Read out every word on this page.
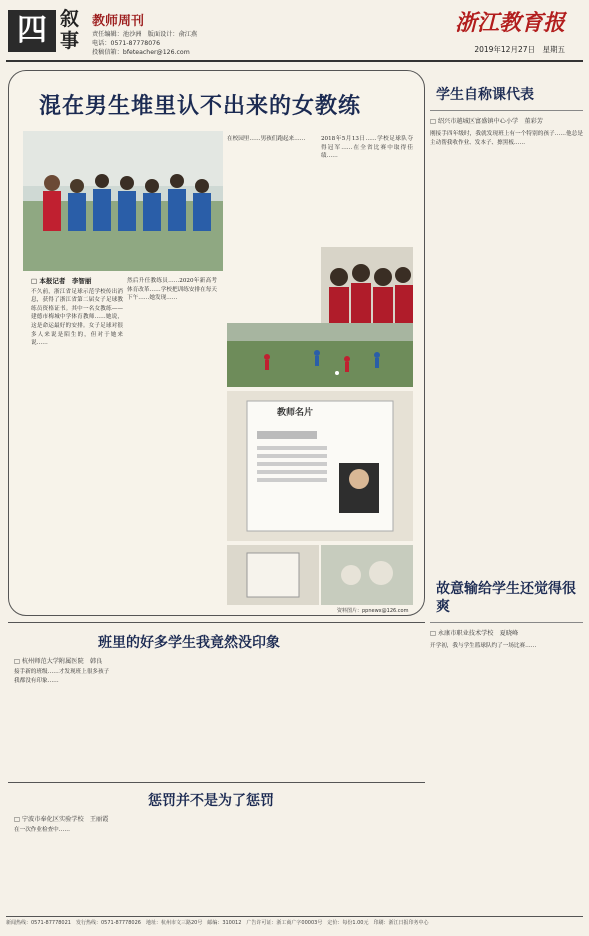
四 叙事
教师周刊
责任编辑：池沙洲　版面设计：俞江燕
电话：0571-87778076
投稿信箱：bfeteacher@126.com
浙江教育报
2019年12月27日　星期五
混在男生堆里认不出来的女教练
□ 本报记者　李智丽
不久前，浙江省足球示范学校传出消息，获得了浙江省第二届女子足球教练员资格证书。其中一名女教练——建德市梅城中学体育教师……她说，这是命运最好的安排。女子足球对很多人来说是陌生的，但对于她来说……
然后升任教练员……2020年新高考体育改革……学校把训练安排在每天下午……她发现……
在校园里……男孩们跑起来……	2018年5月13日……学校足球队夺得冠军……在全省比赛中取得佳绩……
教师名片
资料图片：ppnewx@126.com
学生自称课代表
□ 绍兴市越城区富盛镇中心小学　董彩芳
刚接手四年级时，我就发现班上有一个特别的孩子……他总是主动帮我收作业、发本子、擦黑板……
故意输给学生还觉得很爽
□ 永康市职业技术学校　夏晓峰
开学初，我与学生篮球队约了一场比赛……
班里的好多学生我竟然没印象
□ 杭州师范大学附属医院　韩良
接手新的班级……才发现班上很多孩子我都没有印象……
惩罚并不是为了惩罚
□ 宁波市奉化区实验学校　王丽霞
在一次作业检查中……
新闻热线：0571-87778021　发行热线：0571-87778026　地址：杭州市文三路20号　邮编：310012　广告许可证：浙工商广字00003号　定价：每份1.00元　印刷：浙江日报印务中心
